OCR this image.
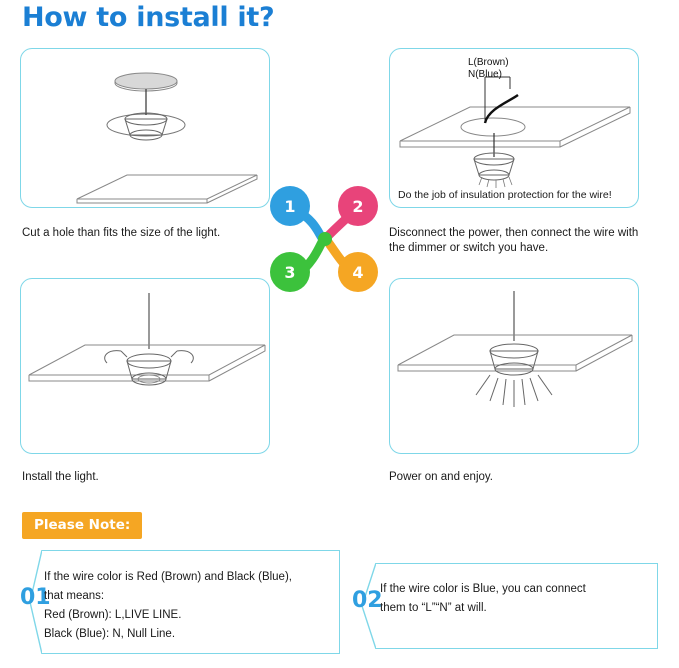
How to install it?
Cut a hole than fits the size of the light.
L(Brown)
N(Blue)
Do the job of insulation protection for the wire!
Disconnect the power, then connect the wire with the dimmer or switch you have.
1	2
3	4
Install the light.	Power on and enjoy.
Please Note:
01
If the wire color is Red (Brown) and Black (Blue),
that means:
Red (Brown): L,LIVE LINE.
Black (Blue): N, Null Line.
02
If the wire color is Blue, you can connect
them to “L”“N” at will.
